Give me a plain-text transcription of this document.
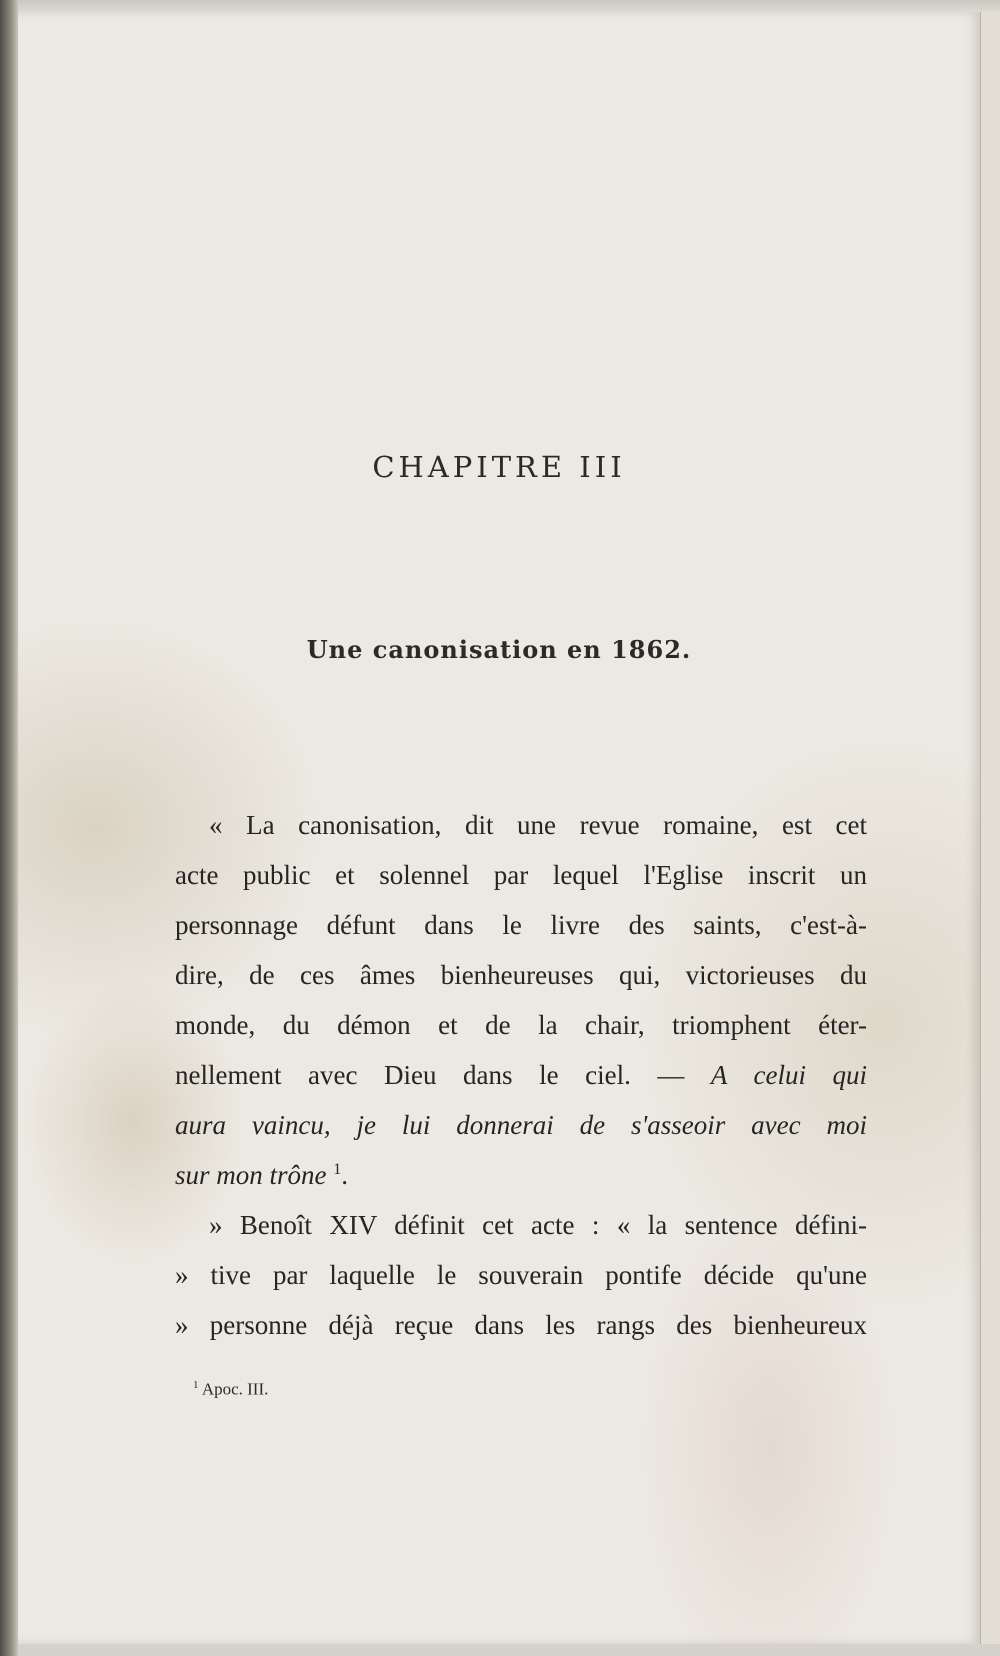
CHAPITRE III
Une canonisation en 1862.
« La canonisation, dit une revue romaine, est cet
acte public et solennel par lequel l'Eglise inscrit un
personnage défunt dans le livre des saints, c'est-à-
dire, de ces âmes bienheureuses qui, victorieuses du
monde, du démon et de la chair, triomphent éter-
nellement avec Dieu dans le ciel. — A celui qui
aura vaincu, je lui donnerai de s'asseoir avec moi
sur mon trône $^1$.
» Benoît XIV définit cet acte : « la sentence défini-
» tive par laquelle le souverain pontife décide qu'une
» personne déjà reçue dans les rangs des bienheureux
$^1$ Apoc. III.
